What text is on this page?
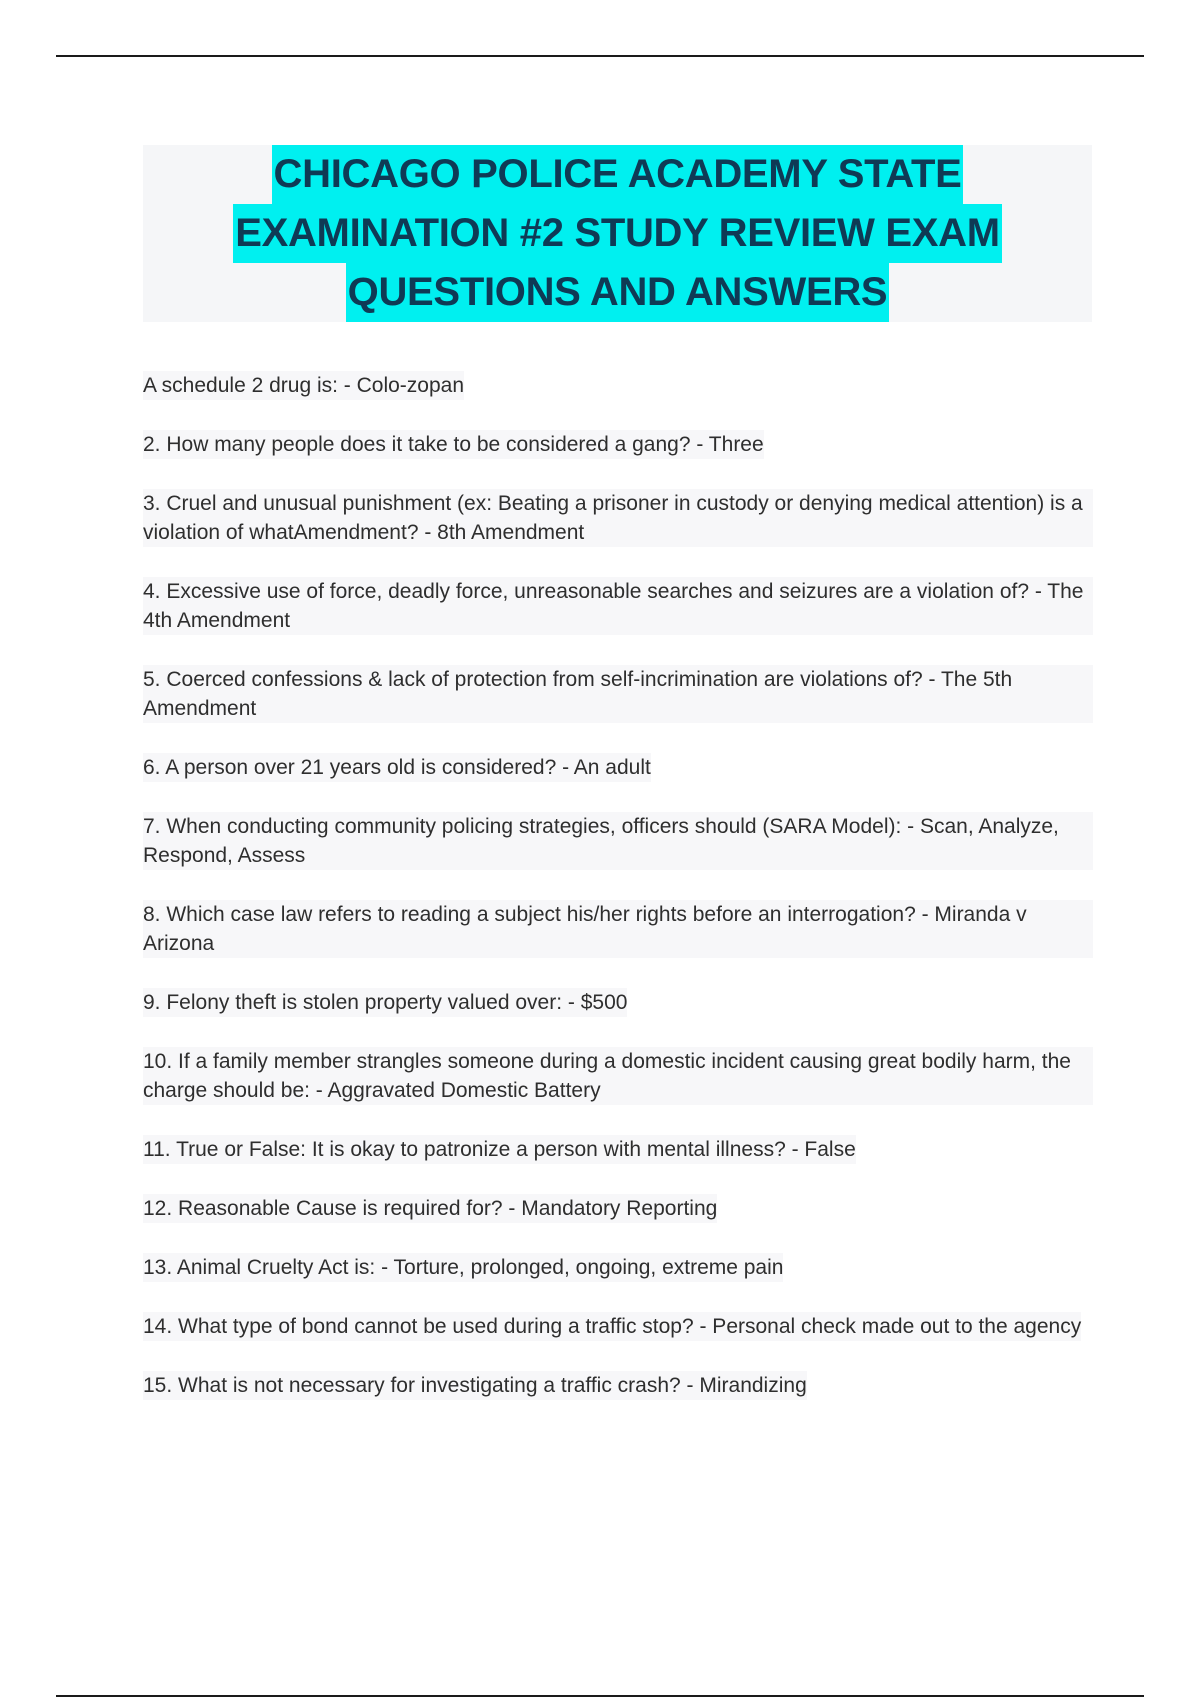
CHICAGO POLICE ACADEMY STATE
EXAMINATION #2 STUDY REVIEW EXAM
QUESTIONS AND ANSWERS
A schedule 2 drug is: - Colo-zopan
2. How many people does it take to be considered a gang? - Three
3. Cruel and unusual punishment (ex: Beating a prisoner in custody or denying medical attention) is a violation of whatAmendment? - 8th Amendment
4. Excessive use of force, deadly force, unreasonable searches and seizures are a violation of? - The 4th Amendment
5. Coerced confessions & lack of protection from self-incrimination are violations of? - The 5th Amendment
6. A person over 21 years old is considered? - An adult
7. When conducting community policing strategies, officers should (SARA Model): - Scan, Analyze, Respond, Assess
8. Which case law refers to reading a subject his/her rights before an interrogation? - Miranda v Arizona
9. Felony theft is stolen property valued over: - $500
10. If a family member strangles someone during a domestic incident causing great bodily harm, the charge should be: - Aggravated Domestic Battery
11. True or False: It is okay to patronize a person with mental illness? - False
12. Reasonable Cause is required for? - Mandatory Reporting
13. Animal Cruelty Act is: - Torture, prolonged, ongoing, extreme pain
14. What type of bond cannot be used during a traffic stop? - Personal check made out to the agency
15. What is not necessary for investigating a traffic crash? - Mirandizing
